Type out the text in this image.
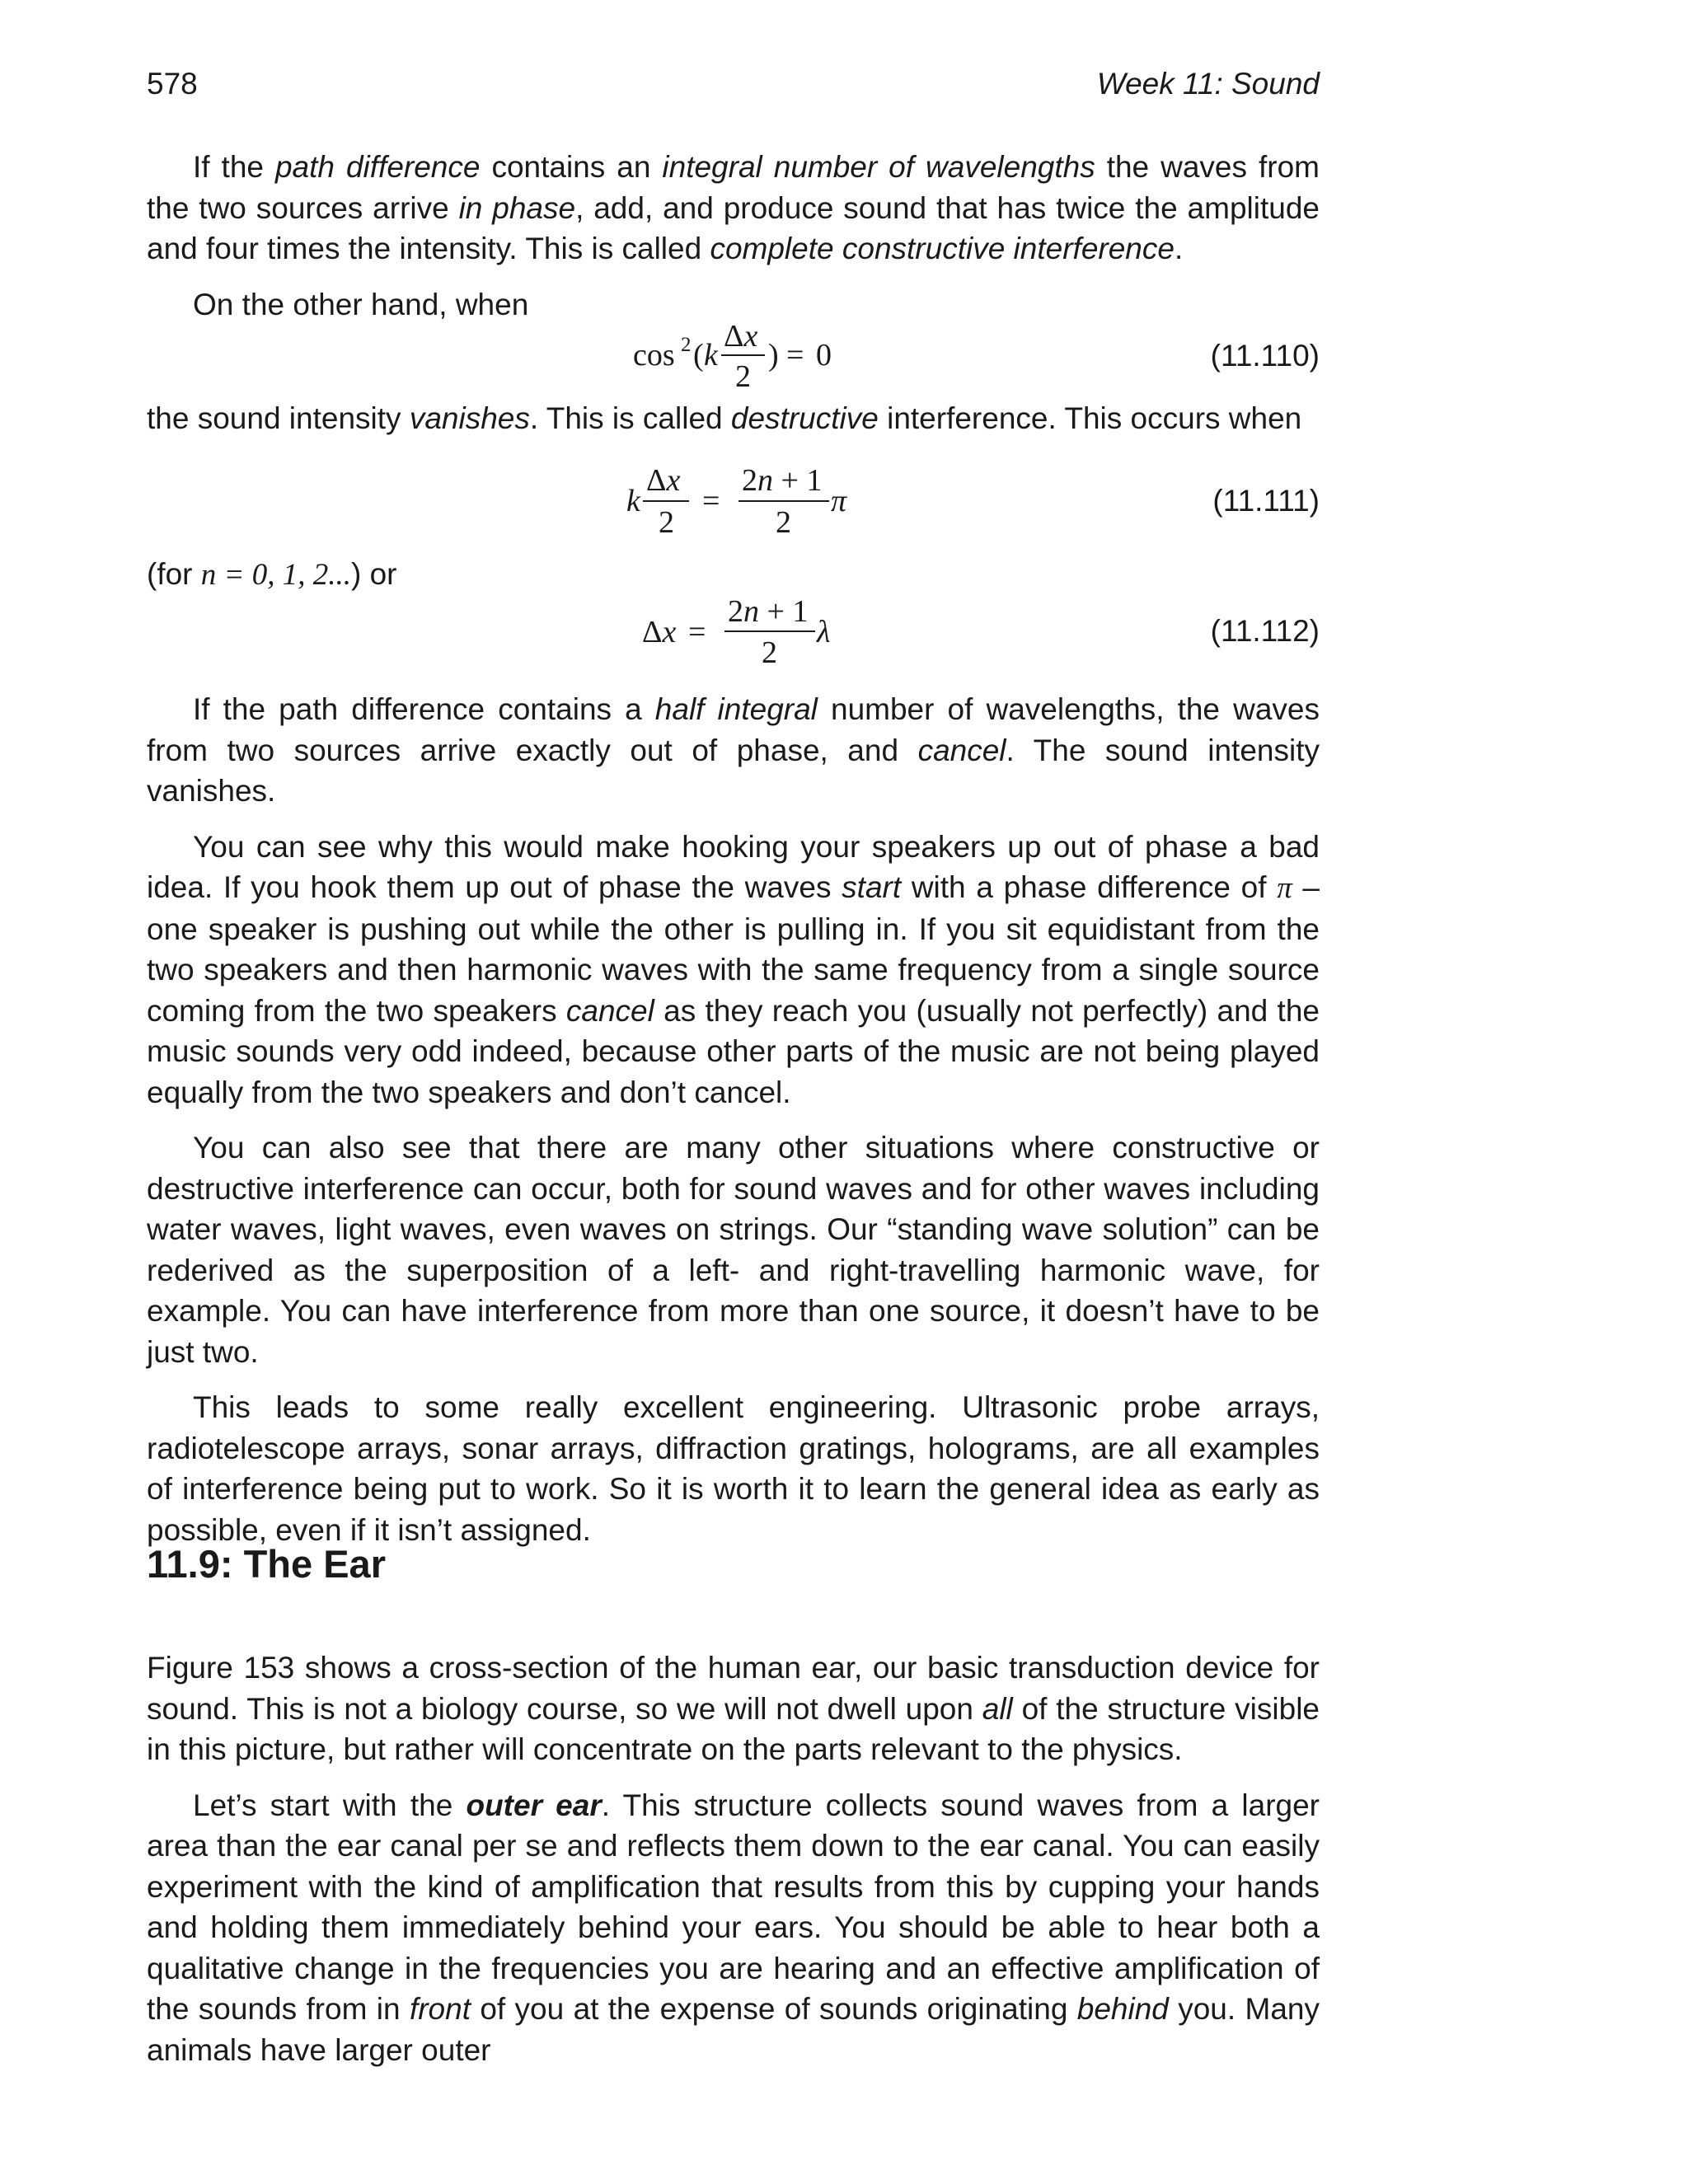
578	Week 11: Sound

If the path difference contains an integral number of wavelengths the waves from the two sources arrive in phase, add, and produce sound that has twice the amplitude and four times the intensity. This is called complete constructive interference.

On the other hand, when

cos 2 ( k
Δx
2
) = 0	(11.110)

the sound intensity vanishes. This is called destructive interference. This occurs when

k
Δx
2
=
2n + 1
2
π	(11.111)

(for n = 0, 1, 2...) or

Δx =
2n + 1
2
λ	(11.112)

If the path difference contains a half integral number of wavelengths, the waves from two sources arrive exactly out of phase, and cancel. The sound intensity vanishes.

You can see why this would make hooking your speakers up out of phase a bad idea. If you hook them up out of phase the waves start with a phase difference of π – one speaker is pushing out while the other is pulling in. If you sit equidistant from the two speakers and then harmonic waves with the same frequency from a single source coming from the two speakers cancel as they reach you (usually not perfectly) and the music sounds very odd indeed, because other parts of the music are not being played equally from the two speakers and don’t cancel.

You can also see that there are many other situations where constructive or destructive interference can occur, both for sound waves and for other waves including water waves, light waves, even waves on strings. Our “standing wave solution” can be rederived as the superposition of a left- and right-travelling harmonic wave, for example. You can have interference from more than one source, it doesn’t have to be just two.

This leads to some really excellent engineering. Ultrasonic probe arrays, radiotelescope arrays, sonar arrays, diffraction gratings, holograms, are all examples of interference being put to work. So it is worth it to learn the general idea as early as possible, even if it isn’t assigned.

11.9: The Ear

Figure 153 shows a cross-section of the human ear, our basic transduction device for sound. This is not a biology course, so we will not dwell upon all of the structure visible in this picture, but rather will concentrate on the parts relevant to the physics.

Let’s start with the outer ear. This structure collects sound waves from a larger area than the ear canal per se and reflects them down to the ear canal. You can easily experiment with the kind of amplification that results from this by cupping your hands and holding them immediately behind your ears. You should be able to hear both a qualitative change in the frequencies you are hearing and an effective amplification of the sounds from in front of you at the expense of sounds originating behind you. Many animals have larger outer
